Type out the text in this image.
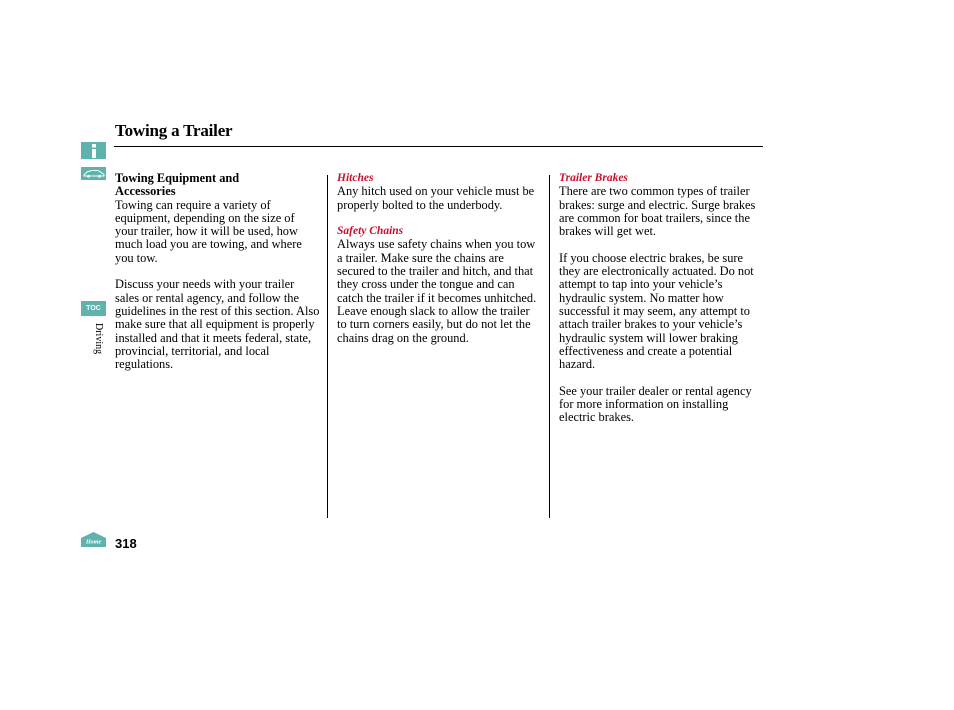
TOC
Driving
Towing a Trailer

Towing Equipment and Accessories

Towing can require a variety of equipment, depending on the size of your trailer, how it will be used, how much load you are towing, and where you tow.

Discuss your needs with your trailer sales or rental agency, and follow the guidelines in the rest of this section. Also make sure that all equipment is properly installed and that it meets federal, state, provincial, territorial, and local regulations.

Hitches

Any hitch used on your vehicle must be properly bolted to the underbody.

Safety Chains

Always use safety chains when you tow a trailer. Make sure the chains are secured to the trailer and hitch, and that they cross under the tongue and can catch the trailer if it becomes unhitched. Leave enough slack to allow the trailer to turn corners easily, but do not let the chains drag on the ground.

Trailer Brakes

There are two common types of trailer brakes: surge and electric. Surge brakes are common for boat trailers, since the brakes will get wet.

If you choose electric brakes, be sure they are electronically actuated. Do not attempt to tap into your vehicle’s hydraulic system. No matter how successful it may seem, any attempt to attach trailer brakes to your vehicle’s hydraulic system will lower braking effectiveness and create a potential hazard.

See your trailer dealer or rental agency for more information on installing electric brakes.

Home 318
